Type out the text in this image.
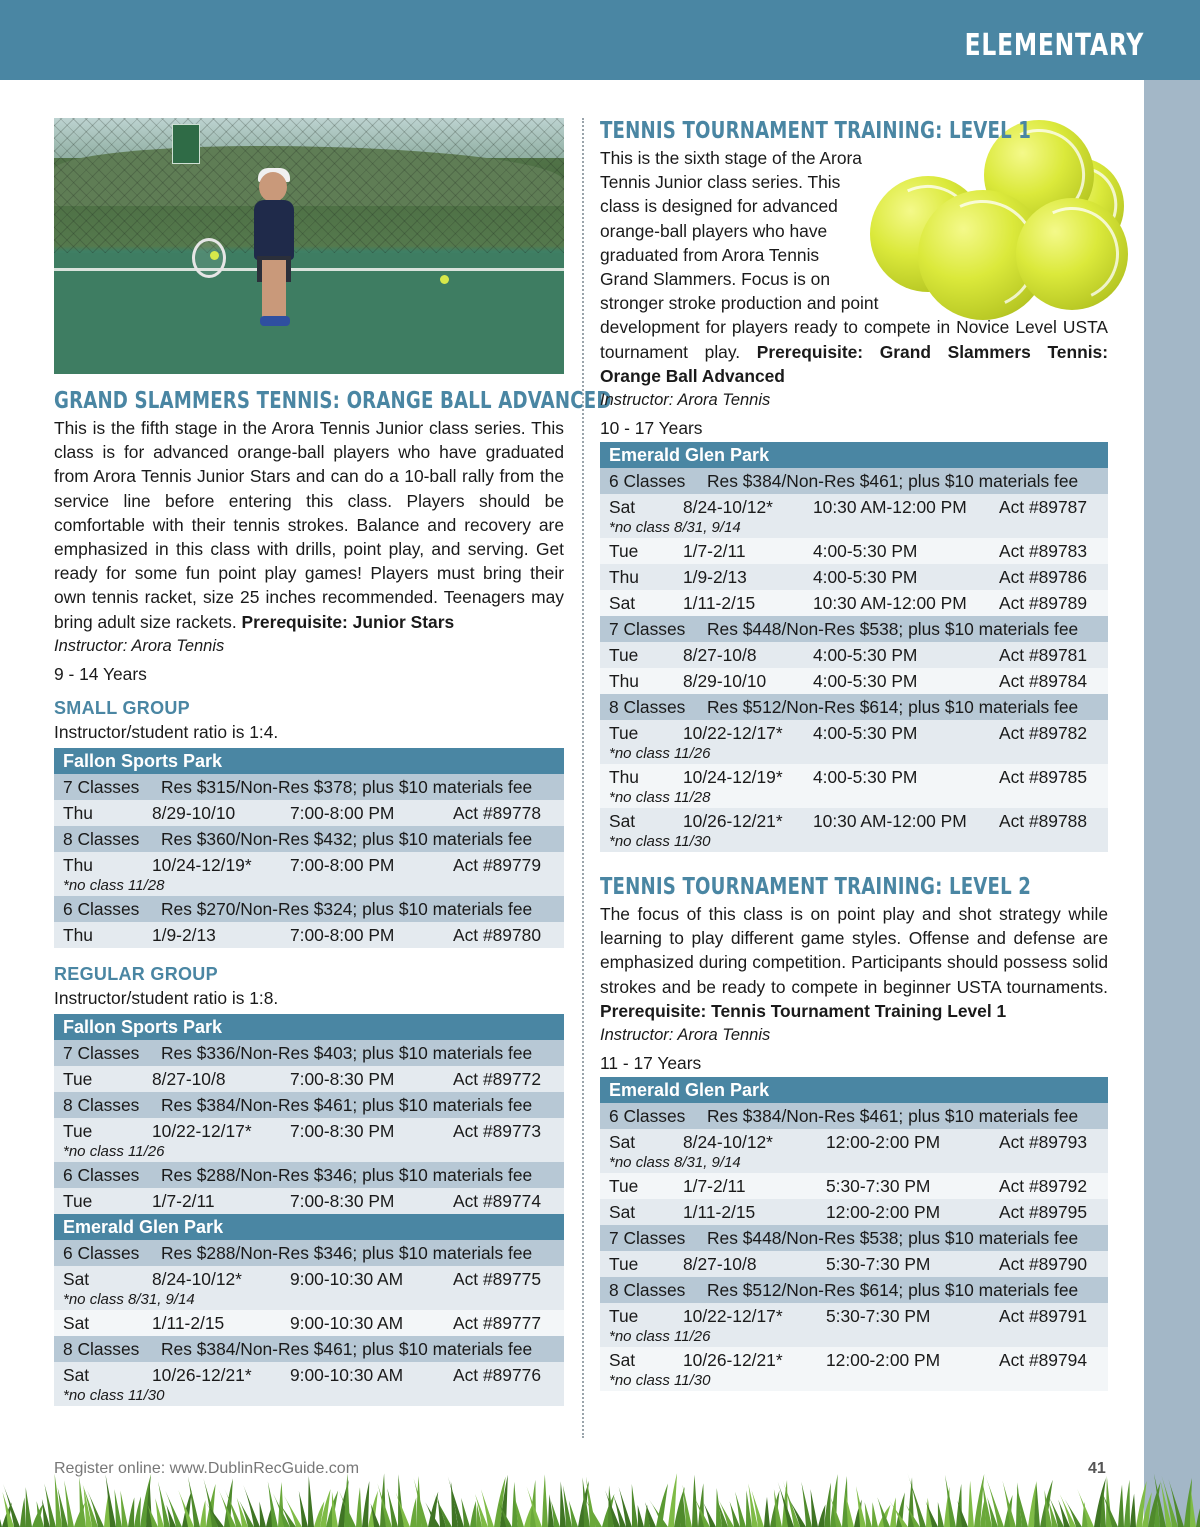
ELEMENTARY
GRAND SLAMMERS TENNIS: ORANGE BALL ADVANCED

This is the fifth stage in the Arora Tennis Junior class series. This class is for advanced orange-ball players who have graduated from Arora Tennis Junior Stars and can do a 10-ball rally from the service line before entering this class. Players should be comfortable with their tennis strokes. Balance and recovery are emphasized in this class with drills, point play, and serving. Get ready for some fun point play games! Players must bring their own tennis racket, size 25 inches recommended. Teenagers may bring adult size rackets. Prerequisite: Junior Stars

Instructor: Arora Tennis
9 - 14 Years
SMALL GROUP
Instructor/student ratio is 1:4.
Fallon Sports Park
7 Classes Res $315/Non-Res $378; plus $10 materials fee
Thu	8/29-10/10	7:00-8:00 PM	Act #89778
8 Classes Res $360/Non-Res $432; plus $10 materials fee
Thu	10/24-12/19* 7:00-8:00 PM	Act #89779
*no class 11/28
6 Classes Res $270/Non-Res $324; plus $10 materials fee
Thu	1/9-2/13	7:00-8:00 PM	Act #89780
REGULAR GROUP
Instructor/student ratio is 1:8.
Fallon Sports Park
7 Classes Res $336/Non-Res $403; plus $10 materials fee
Tue	8/27-10/8	7:00-8:30 PM	Act #89772
8 Classes Res $384/Non-Res $461; plus $10 materials fee
Tue	10/22-12/17* 7:00-8:30 PM	Act #89773
*no class 11/26
6 Classes Res $288/Non-Res $346; plus $10 materials fee
Tue	1/7-2/11	7:00-8:30 PM	Act #89774
Emerald Glen Park
6 Classes Res $288/Non-Res $346; plus $10 materials fee
Sat	8/24-10/12*	9:00-10:30 AM	Act #89775
*no class 8/31, 9/14
Sat	1/11-2/15	9:00-10:30 AM	Act #89777
8 Classes Res $384/Non-Res $461; plus $10 materials fee
Sat	10/26-12/21* 9:00-10:30 AM	Act #89776
*no class 11/30
TENNIS TOURNAMENT TRAINING: LEVEL 1
This is the sixth stage of the Arora
Tennis Junior class series. This
class is designed for advanced
orange-ball players who have
graduated from Arora Tennis
Grand Slammers. Focus is on
stronger stroke production and point

development for players ready to compete in Novice Level USTA tournament play. Prerequisite: Grand Slammers Tennis: Orange Ball Advanced

Instructor: Arora Tennis
10 - 17 Years
Emerald Glen Park
6 Classes Res $384/Non-Res $461; plus $10 materials fee
Sat	8/24-10/12* 10:30 AM-12:00 PM Act #89787
*no class 8/31, 9/14
Tue	1/7-2/11	4:00-5:30 PM	Act #89783
Thu	1/9-2/13	4:00-5:30 PM	Act #89786
Sat	1/11-2/15	10:30 AM-12:00 PM Act #89789
7 Classes Res $448/Non-Res $538; plus $10 materials fee
Tue	8/27-10/8	4:00-5:30 PM	Act #89781
Thu	8/29-10/10	4:00-5:30 PM	Act #89784
8 Classes Res $512/Non-Res $614; plus $10 materials fee
Tue	10/22-12/17* 4:00-5:30 PM	Act #89782
*no class 11/26
Thu	10/24-12/19* 4:00-5:30 PM	Act #89785
*no class 11/28
Sat	10/26-12/21* 10:30 AM-12:00 PM Act #89788
*no class 11/30
TENNIS TOURNAMENT TRAINING: LEVEL 2

The focus of this class is on point play and shot strategy while learning to play different game styles. Offense and defense are emphasized during competition. Participants should possess solid strokes and be ready to compete in beginner USTA tournaments. Prerequisite: Tennis Tournament Training Level 1

Instructor: Arora Tennis
11 - 17 Years
Emerald Glen Park
6 Classes Res $384/Non-Res $461; plus $10 materials fee
Sat	8/24-10/12*	12:00-2:00 PM	Act #89793
*no class 8/31, 9/14
Tue	1/7-2/11	5:30-7:30 PM	Act #89792
Sat	1/11-2/15	12:00-2:00 PM	Act #89795
7 Classes Res $448/Non-Res $538; plus $10 materials fee
Tue	8/27-10/8	5:30-7:30 PM	Act #89790
8 Classes Res $512/Non-Res $614; plus $10 materials fee
Tue	10/22-12/17* 5:30-7:30 PM	Act #89791
*no class 11/26
Sat	10/26-12/21* 12:00-2:00 PM	Act #89794
*no class 11/30
Register online: www.DublinRecGuide.com	41
